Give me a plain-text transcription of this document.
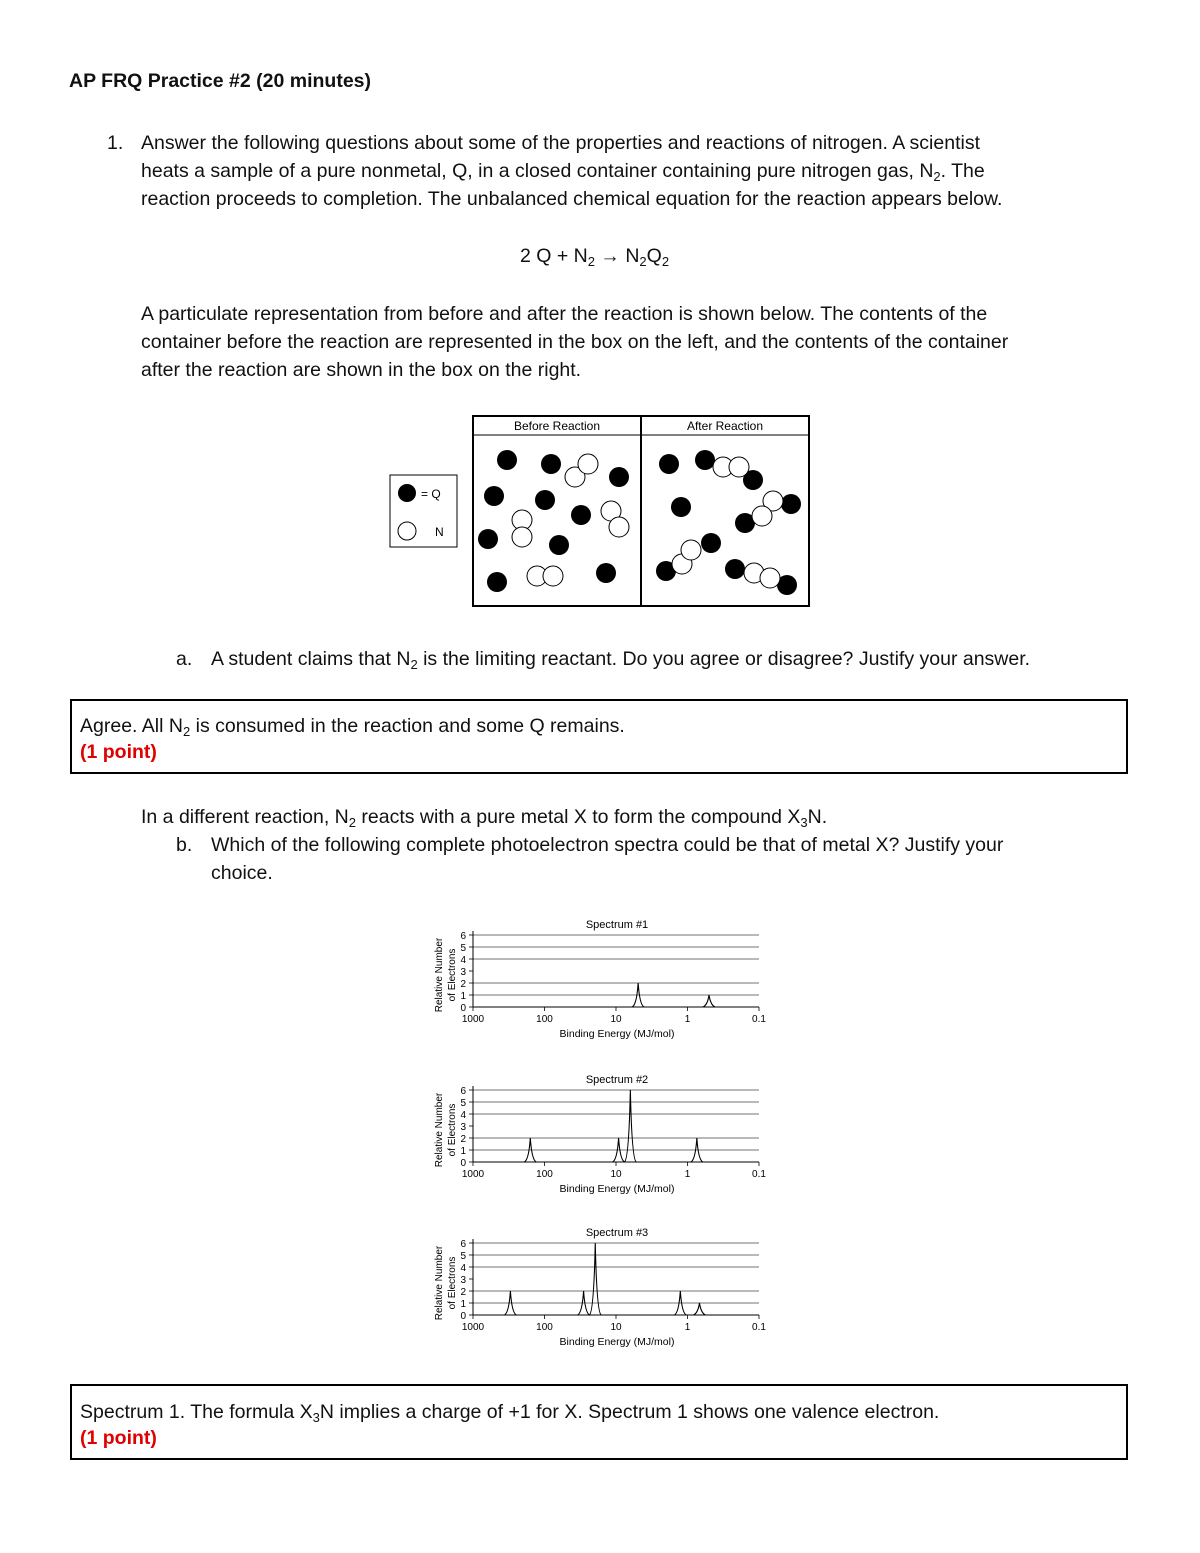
AP FRQ Practice #2 (20 minutes)
1. Answer the following questions about some of the properties and reactions of nitrogen. A scientist
heats a sample of a pure nonmetal, Q, in a closed container containing pure nitrogen gas, $N_2$. The
reaction proceeds to completion. The unbalanced chemical equation for the reaction appears below.
2 $Q + N_2 \to N_2Q_2$
A particulate representation from before and after the reaction is shown below. The contents of the
container before the reaction are represented in the box on the left, and the contents of the container
after the reaction are shown in the box on the right.
= Q
N
Before Reaction	After Reaction
a. A student claims that $N_2$ is the limiting reactant. Do you agree or disagree? Justify your answer.
Agree. All $N_2$ is consumed in the reaction and some Q remains.
(1 point)
In a different reaction, $N_2$ reacts with a pure metal X to form the compound $X_3N$.
b. Which of the following complete photoelectron spectra could be that of metal X? Justify your
choice.
Spectrum #1
0
1
2
3
4
5
6
1000	100	10	1	0.1
Binding Energy (MJ/mol)
Relative Number of Electrons
Spectrum #2
0
1
2
3
4
5
6
1000	100	10	1	0.1
Binding Energy (MJ/mol)
Relative Number of Electrons
Spectrum #3
0
1
2
3
4
5
6
1000	100	10	1	0.1
Binding Energy (MJ/mol)
Relative Number of Electrons
Spectrum 1. The formula $X_3N$ implies a charge of +1 for X. Spectrum 1 shows one valence electron.
(1 point)
